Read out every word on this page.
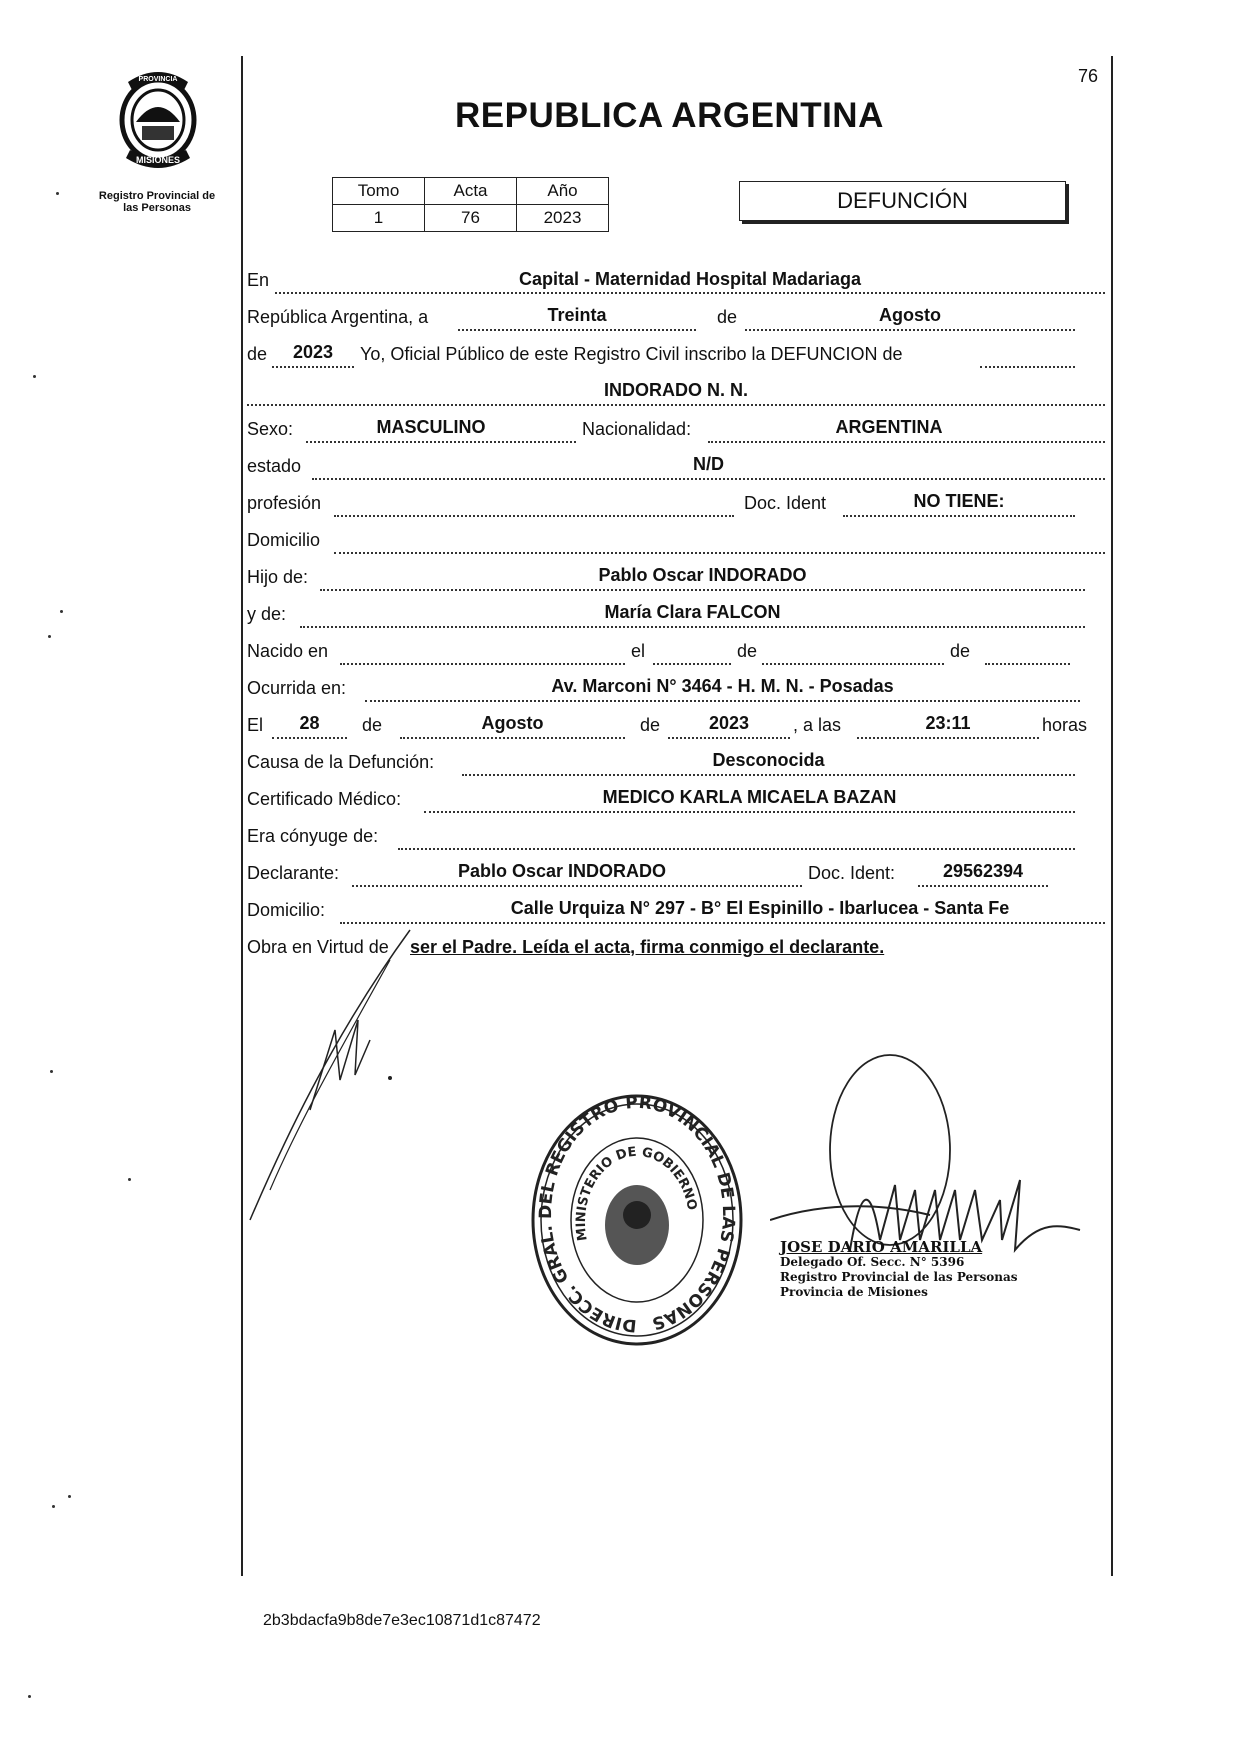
PROVINCIA
MISIONES
Registro Provincial de
las Personas
76
REPUBLICA ARGENTINA
Tomo	Acta	Año
1	76	2023
DEFUNCIÓN
En	Capital - Maternidad Hospital Madariaga
República Argentina, a	Treinta	de	Agosto
de	2023	Yo, Oficial Público de este Registro Civil inscribo la DEFUNCION de
INDORADO N. N.
Sexo:	MASCULINO	Nacionalidad:	ARGENTINA
estado	N/D
profesión	Doc. Ident	NO TIENE:
Domicilio
Hijo de:	Pablo Oscar INDORADO
y de:	María Clara FALCON
Nacido en	el	de	de
Ocurrida en:	Av. Marconi N° 3464 - H. M. N. - Posadas
El	28	de	Agosto	de	2023	, a las	23:11	horas
Causa de la Defunción:	Desconocida
Certificado Médico:	MEDICO KARLA MICAELA BAZAN
Era cónyuge de:
Declarante:	Pablo Oscar INDORADO	Doc. Ident:	29562394
Domicilio:	Calle Urquiza N° 297 - B° El Espinillo - Ibarlucea - Santa Fe
Obra en Virtud de ser el Padre. Leída el acta, firma conmigo el declarante.
DIRECC. GRAL. DEL REGISTRO PROVINCIAL DE LAS PERSONAS
MINISTERIO DE GOBIERNO
JOSE DARIO AMARILLA
Delegado Of. Secc. N° 5396
Registro Provincial de las Personas
Provincia de Misiones
2b3bdacfa9b8de7e3ec10871d1c87472
